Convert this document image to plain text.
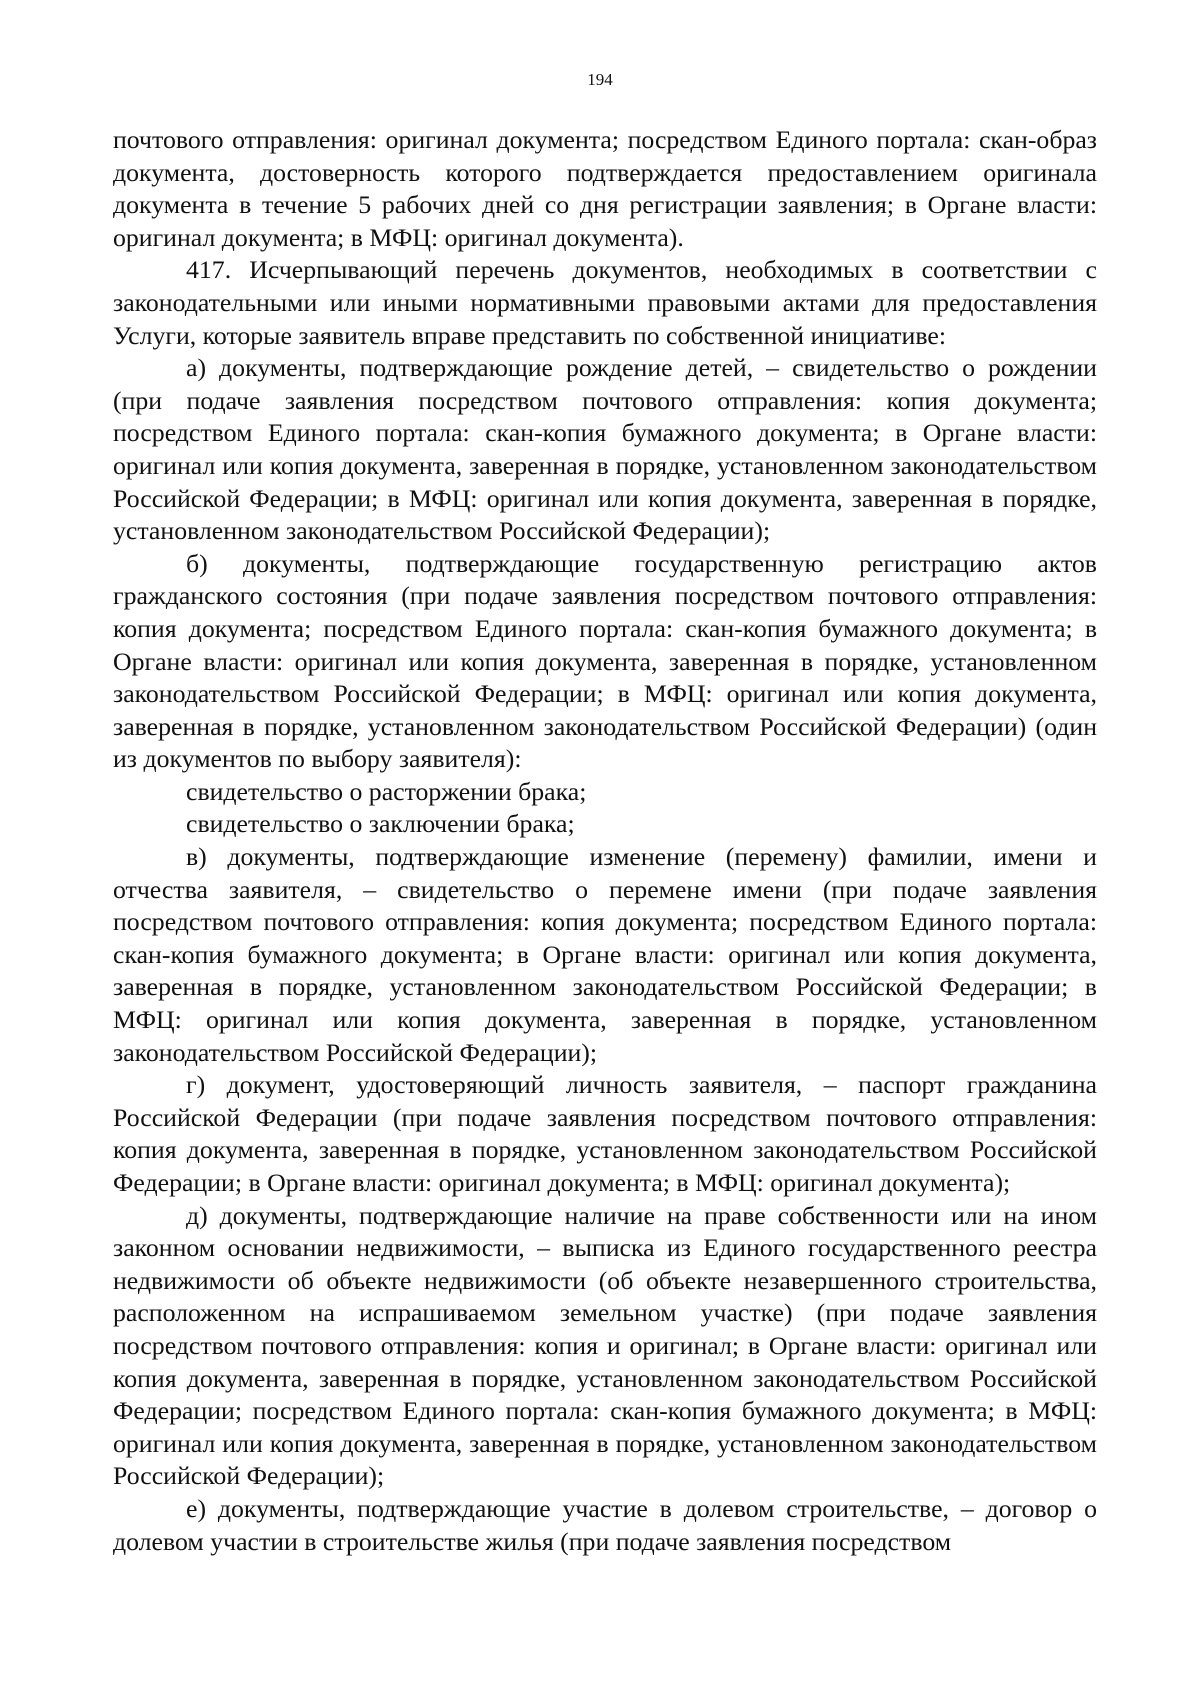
194

почтового отправления: оригинал документа; посредством Единого портала: скан-образ документа, достоверность которого подтверждается предоставлением оригинала документа в течение 5 рабочих дней со дня регистрации заявления; в Органе власти: оригинал документа; в МФЦ: оригинал документа).

417. Исчерпывающий перечень документов, необходимых в соответствии с законодательными или иными нормативными правовыми актами для предоставления Услуги, которые заявитель вправе представить по собственной инициативе:

а) документы, подтверждающие рождение детей, – свидетельство о рождении (при подаче заявления посредством почтового отправления: копия документа; посредством Единого портала: скан-копия бумажного документа; в Органе власти: оригинал или копия документа, заверенная в порядке, установленном законодательством Российской Федерации; в МФЦ: оригинал или копия документа, заверенная в порядке, установленном законодательством Российской Федерации);

б) документы, подтверждающие государственную регистрацию актов гражданского состояния (при подаче заявления посредством почтового отправления: копия документа; посредством Единого портала: скан-копия бумажного документа; в Органе власти: оригинал или копия документа, заверенная в порядке, установленном законодательством Российской Федерации; в МФЦ: оригинал или копия документа, заверенная в порядке, установленном законодательством Российской Федерации) (один из документов по выбору заявителя):

свидетельство о расторжении брака;

свидетельство о заключении брака;

в) документы, подтверждающие изменение (перемену) фамилии, имени и отчества заявителя, – свидетельство о перемене имени (при подаче заявления посредством почтового отправления: копия документа; посредством Единого портала: скан-копия бумажного документа; в Органе власти: оригинал или копия документа, заверенная в порядке, установленном законодательством Российской Федерации; в МФЦ: оригинал или копия документа, заверенная в порядке, установленном законодательством Российской Федерации);

г) документ, удостоверяющий личность заявителя, – паспорт гражданина Российской Федерации (при подаче заявления посредством почтового отправления: копия документа, заверенная в порядке, установленном законодательством Российской Федерации; в Органе власти: оригинал документа; в МФЦ: оригинал документа);

д) документы, подтверждающие наличие на праве собственности или на ином законном основании недвижимости, – выписка из Единого государственного реестра недвижимости об объекте недвижимости (об объекте незавершенного строительства, расположенном на испрашиваемом земельном участке) (при подаче заявления посредством почтового отправления: копия и оригинал; в Органе власти: оригинал или копия документа, заверенная в порядке, установленном законодательством Российской Федерации; посредством Единого портала: скан-копия бумажного документа; в МФЦ: оригинал или копия документа, заверенная в порядке, установленном законодательством Российской Федерации);

е) документы, подтверждающие участие в долевом строительстве, – договор о долевом участии в строительстве жилья (при подаче заявления посредством
